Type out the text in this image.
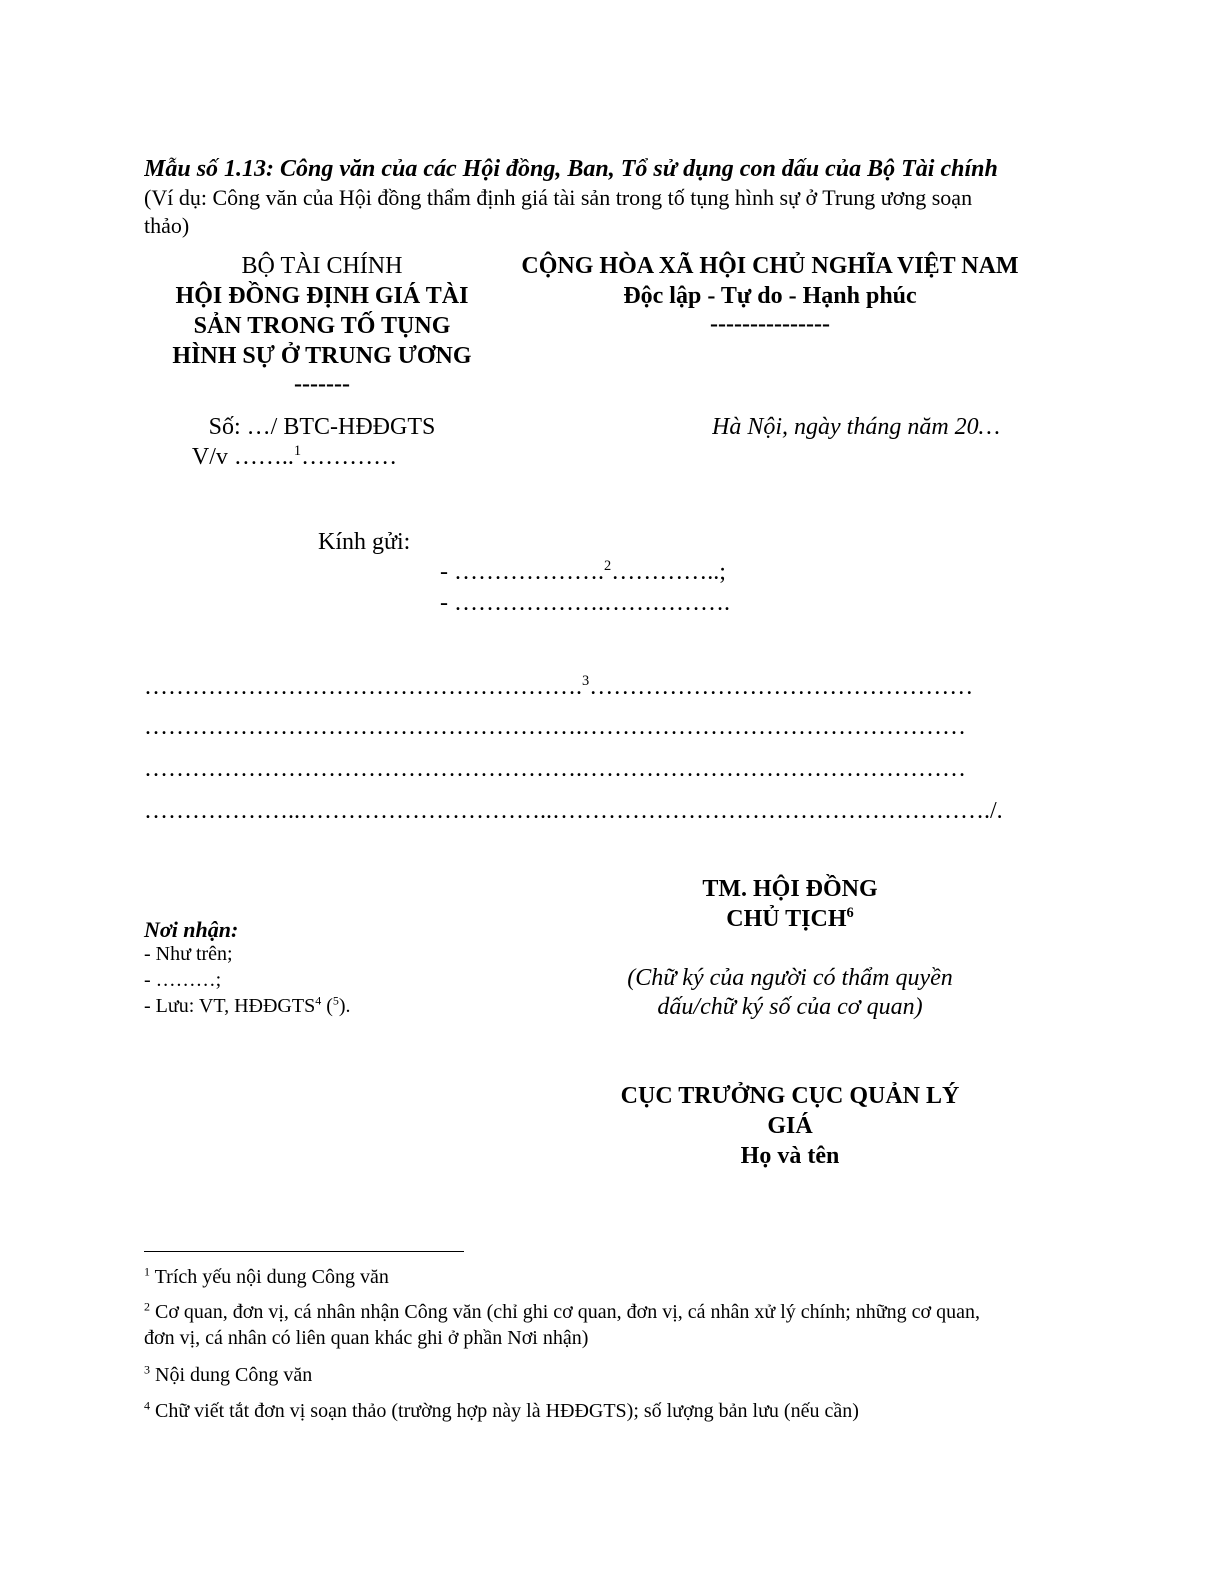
Mẫu số 1.13: Công văn của các Hội đồng, Ban, Tổ sử dụng con dấu của Bộ Tài chính
(Ví dụ: Công văn của Hội đồng thẩm định giá tài sản trong tố tụng hình sự ở Trung ương soạn
thảo)
BỘ TÀI CHÍNH
HỘI ĐỒNG ĐỊNH GIÁ TÀI
SẢN TRONG TỐ TỤNG
HÌNH SỰ Ở TRUNG ƯƠNG
-------
Số: …/ BTC-HĐĐGTS
V/v ……..$^1$…………
CỘNG HÒA XÃ HỘI CHỦ NGHĨA VIỆT NAM
Độc lập - Tự do - Hạnh phúc
---------------
Hà Nội, ngày tháng năm 20…
Kính gửi:
- ……………….$^2$…………..;
- ……………….…………….
……………………………………………….$^3$…………………………………………
……………………………………………….…………………………………………
……………………………………………….…………………………………………
………………..…………………………..………………………………………………./.
TM. HỘI ĐỒNG
CHỦ TỊCH$^6$
(Chữ ký của người có thẩm quyền
dấu/chữ ký số của cơ quan)
CỤC TRƯỞNG CỤC QUẢN LÝ
GIÁ
Họ và tên
Nơi nhận:
- Như trên;
- ………;
- Lưu: VT, HĐĐGTS$^4$ ($^5$).
$^1$ Trích yếu nội dung Công văn
$^2$ Cơ quan, đơn vị, cá nhân nhận Công văn (chỉ ghi cơ quan, đơn vị, cá nhân xử lý chính; những cơ quan,
đơn vị, cá nhân có liên quan khác ghi ở phần Nơi nhận)
$^3$ Nội dung Công văn
$^4$ Chữ viết tắt đơn vị soạn thảo (trường hợp này là HĐĐGTS); số lượng bản lưu (nếu cần)
